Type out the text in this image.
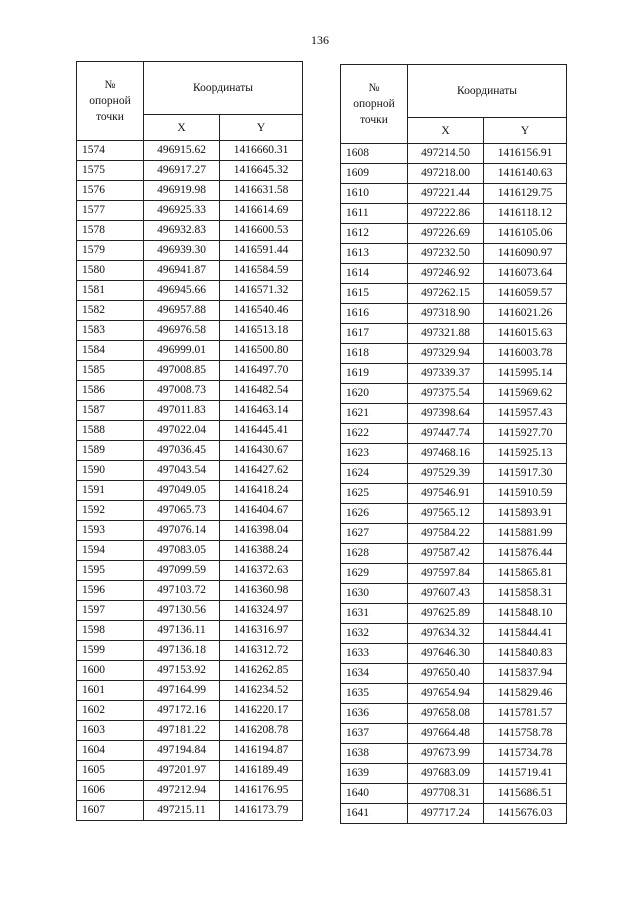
136
№
опорной
точки	Координаты	
	X	Y
1574	496915.62	1416660.31
1575	496917.27	1416645.32
1576	496919.98	1416631.58
1577	496925.33	1416614.69
1578	496932.83	1416600.53
1579	496939.30	1416591.44
1580	496941.87	1416584.59
1581	496945.66	1416571.32
1582	496957.88	1416540.46
1583	496976.58	1416513.18
1584	496999.01	1416500.80
1585	497008.85	1416497.70
1586	497008.73	1416482.54
1587	497011.83	1416463.14
1588	497022.04	1416445.41
1589	497036.45	1416430.67
1590	497043.54	1416427.62
1591	497049.05	1416418.24
1592	497065.73	1416404.67
1593	497076.14	1416398.04
1594	497083.05	1416388.24
1595	497099.59	1416372.63
1596	497103.72	1416360.98
1597	497130.56	1416324.97
1598	497136.11	1416316.97
1599	497136.18	1416312.72
1600	497153.92	1416262.85
1601	497164.99	1416234.52
1602	497172.16	1416220.17
1603	497181.22	1416208.78
1604	497194.84	1416194.87
1605	497201.97	1416189.49
1606	497212.94	1416176.95
1607	497215.11	1416173.79
№
опорной
точки	Координаты	
	X	Y
1608	497214.50	1416156.91
1609	497218.00	1416140.63
1610	497221.44	1416129.75
1611	497222.86	1416118.12
1612	497226.69	1416105.06
1613	497232.50	1416090.97
1614	497246.92	1416073.64
1615	497262.15	1416059.57
1616	497318.90	1416021.26
1617	497321.88	1416015.63
1618	497329.94	1416003.78
1619	497339.37	1415995.14
1620	497375.54	1415969.62
1621	497398.64	1415957.43
1622	497447.74	1415927.70
1623	497468.16	1415925.13
1624	497529.39	1415917.30
1625	497546.91	1415910.59
1626	497565.12	1415893.91
1627	497584.22	1415881.99
1628	497587.42	1415876.44
1629	497597.84	1415865.81
1630	497607.43	1415858.31
1631	497625.89	1415848.10
1632	497634.32	1415844.41
1633	497646.30	1415840.83
1634	497650.40	1415837.94
1635	497654.94	1415829.46
1636	497658.08	1415781.57
1637	497664.48	1415758.78
1638	497673.99	1415734.78
1639	497683.09	1415719.41
1640	497708.31	1415686.51
1641	497717.24	1415676.03
